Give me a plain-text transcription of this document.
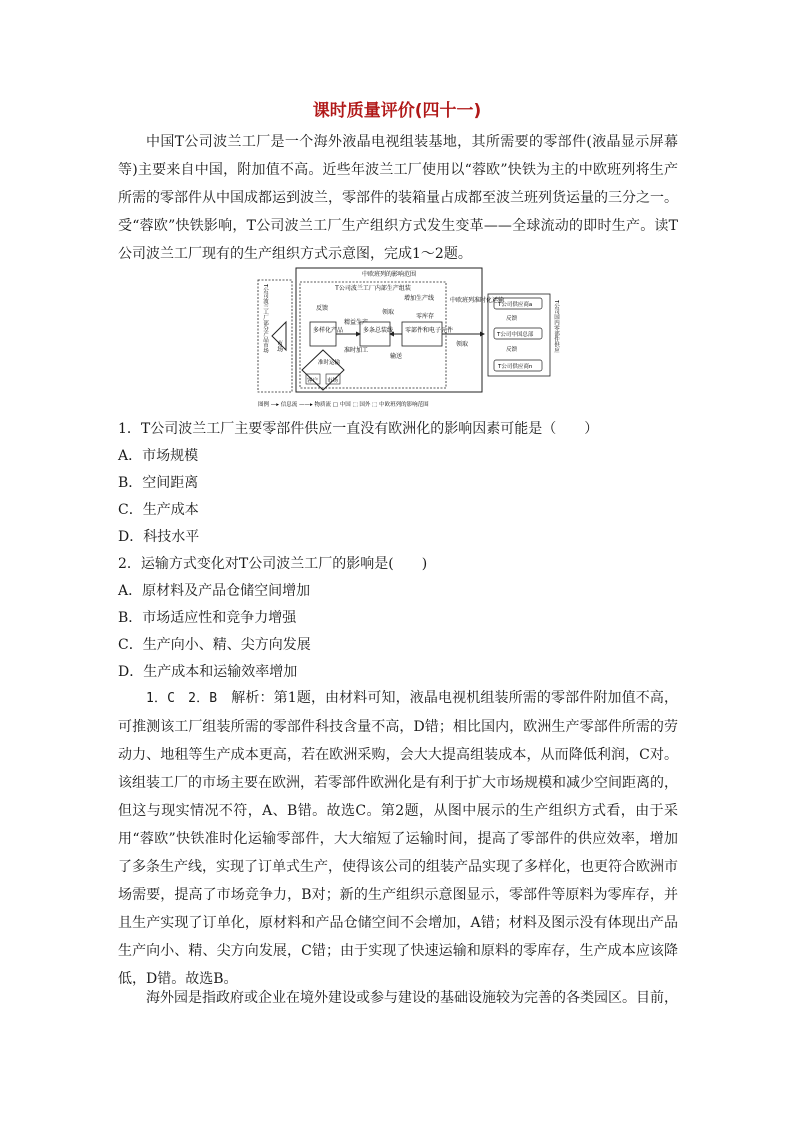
课时质量评价(四十一)
中国T公司波兰工厂是一个海外液晶电视组装基地，其所需要的零部件(液晶显示屏幕等)主要来自中国，附加值不高。近些年波兰工厂使用以“蓉欧”快铁为主的中欧班列将生产所需的零部件从中国成都运到波兰，零部件的装箱量占成都至波兰班列货运量的三分之一。受“蓉欧”快铁影响，T公司波兰工厂生产组织方式发生变革——全球流动的即时生产。读T公司波兰工厂现有的生产组织方式示意图，完成1～2题。
中欧班列的影响范围
T公司波兰工厂内部生产组装
T公司波兰工厂部分产品市场 市场
反馈
增加生产线
领取
零库存
多样化产品
精益生产
多条总装线 零部件和电子元件
准时加工
输送
准时运输
客户 市场
中欧班列准时化运输
领取
T公司供应商a
反馈
T公司中国总部
反馈
T公司供应商n
T公司国内零部件供应
图例 —▸ 信息流 ——▸ 物质流 □ 中国 ⬚ 国外 ⬚ 中欧班列的影响范围
1．T公司波兰工厂主要零部件供应一直没有欧洲化的影响因素可能是（　　）
A．市场规模
B．空间距离
C．生产成本
D．科技水平
2．运输方式变化对T公司波兰工厂的影响是(　　)
A．原材料及产品仓储空间增加
B．市场适应性和竞争力增强
C．生产向小、精、尖方向发展
D．生产成本和运输效率增加
1．C　2．B　 解析：第1题，由材料可知，液晶电视机组装所需的零部件附加值不高，可推测该工厂组装所需的零部件科技含量不高，D错；相比国内，欧洲生产零部件所需的劳动力、地租等生产成本更高，若在欧洲采购，会大大提高组装成本，从而降低利润，C对。该组装工厂的市场主要在欧洲，若零部件欧洲化是有利于扩大市场规模和减少空间距离的，但这与现实情况不符，A、B错。故选C。第2题，从图中展示的生产组织方式看，由于采用“蓉欧”快铁准时化运输零部件，大大缩短了运输时间，提高了零部件的供应效率，增加了多条生产线，实现了订单式生产，使得该公司的组装产品实现了多样化，也更符合欧洲市场需要，提高了市场竞争力，B对；新的生产组织示意图显示，零部件等原料为零库存，并且生产实现了订单化，原材料和产品仓储空间不会增加，A错；材料及图示没有体现出产品生产向小、精、尖方向发展，C错；由于实现了快速运输和原料的零库存，生产成本应该降低，D错。故选B。
海外园是指政府或企业在境外建设或参与建设的基础设施较为完善的各类园区。目前，
